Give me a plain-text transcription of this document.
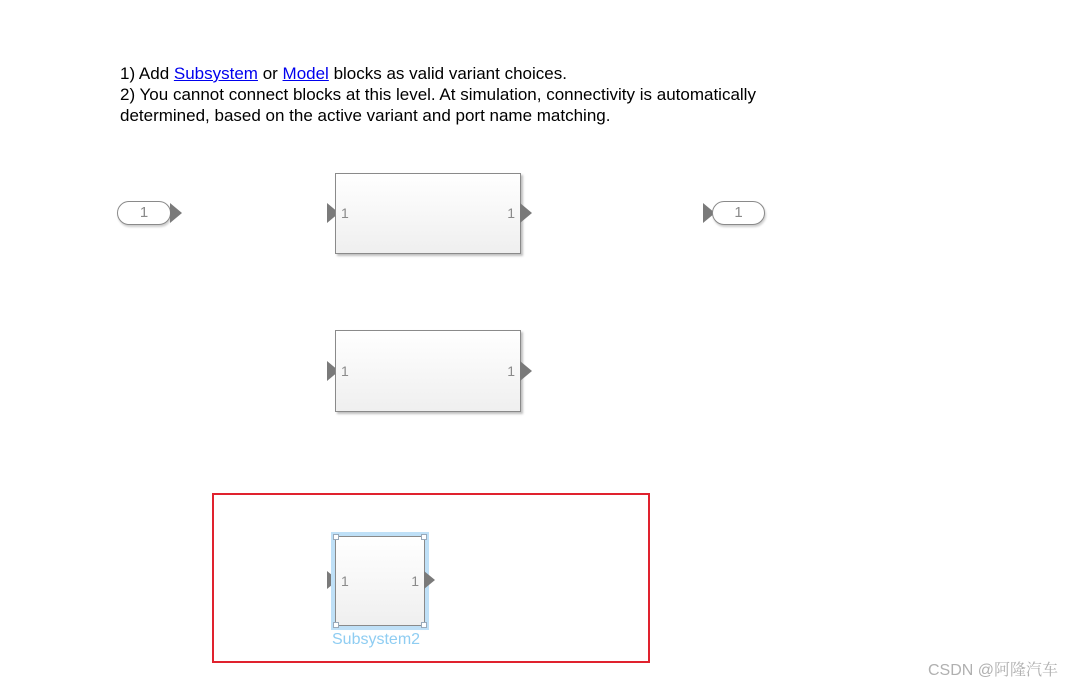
1) Add Subsystem or Model blocks as valid variant choices.
2) You cannot connect blocks at this level. At simulation, connectivity is automatically
determined, based on the active variant and port name matching.
1	1
1	1
1	1
1	1
Subsystem2
CSDN @阿隆汽车
